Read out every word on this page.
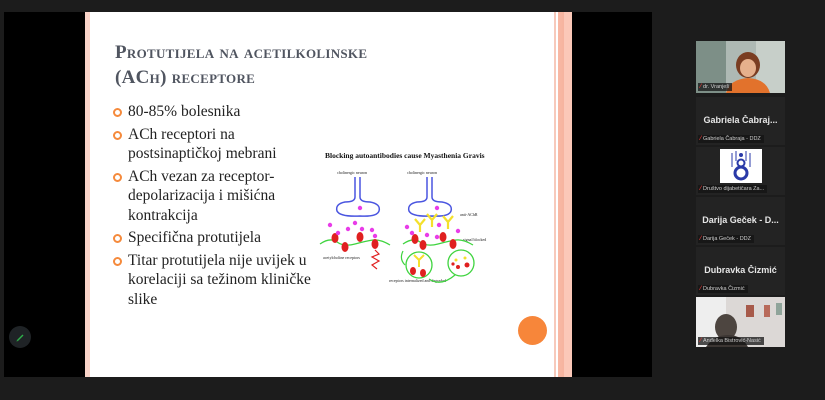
Protutijela na acetilkolinske
(ACh) receptore
80-85% bolesnika
ACh receptori na postsinaptičkoj mebrani
ACh vezan za receptor- depolarizacija i mišićna kontrakcija
Specifična protutijela
Titar protutijela nije uvijek u korelaciji sa težinom kliničke slike
Blocking autoantibodies cause Myasthenia Gravis
cholinergic neuron	cholinergic neuron
acetylcholine receptors
anti-AChR
signal blocked
receptors internalized and degraded
⁄ dr. Vranješ
Gabriela Čabraj...
⁄ Gabriela Čabraja - DDZ
⁄ Društvo dijabetičara Za...
Darija Geček - D...
⁄ Darija Geček - DDZ
Dubravka Čizmić
⁄ Dubravka Čizmić
⁄ Anđelka Bistrović-Nasić
